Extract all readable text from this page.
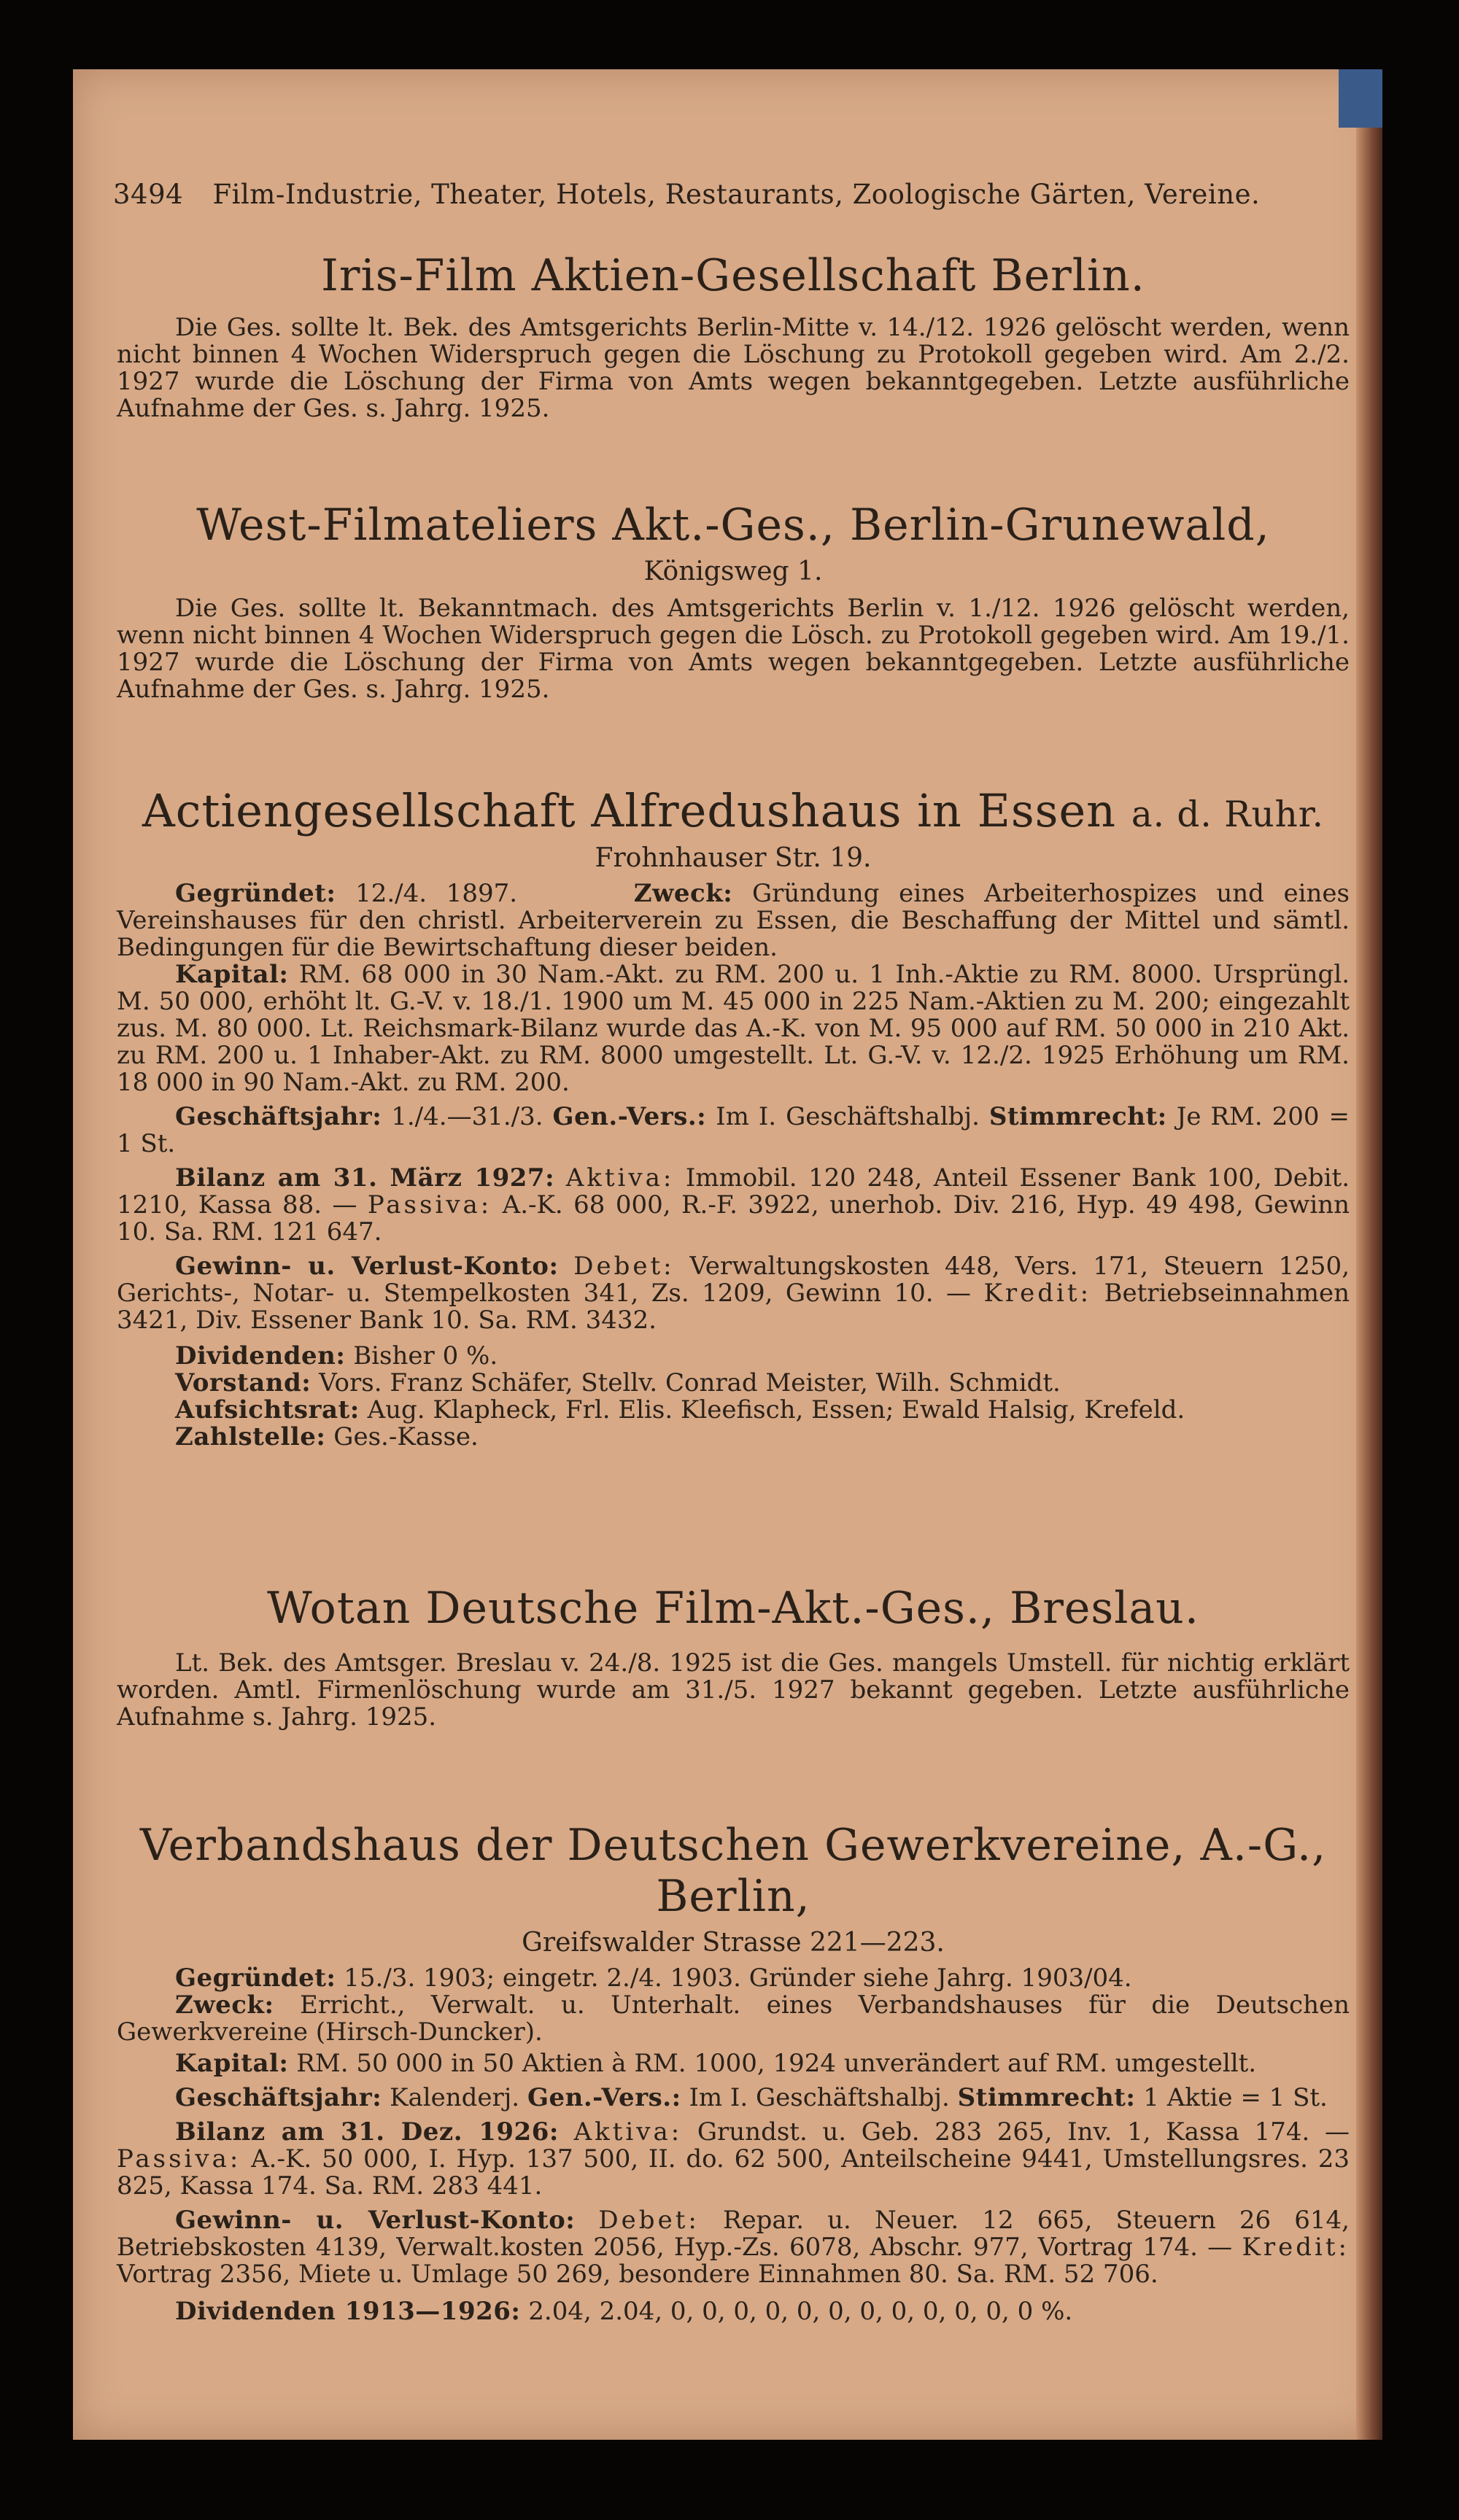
3494 Film-Industrie, Theater, Hotels, Restaurants, Zoologische Gärten, Vereine.
Iris-Film Aktien-Gesellschaft Berlin.

Die Ges. sollte lt. Bek. des Amtsgerichts Berlin-Mitte v. 14./12. 1926 gelöscht werden, wenn nicht binnen 4 Wochen Widerspruch gegen die Löschung zu Protokoll gegeben wird. Am 2./2. 1927 wurde die Löschung der Firma von Amts wegen bekanntgegeben. Letzte ausführliche Aufnahme der Ges. s. Jahrg. 1925.

West-Filmateliers Akt.-Ges., Berlin-Grunewald,
Königsweg 1.

Die Ges. sollte lt. Bekanntmach. des Amtsgerichts Berlin v. 1./12. 1926 gelöscht werden, wenn nicht binnen 4 Wochen Widerspruch gegen die Lösch. zu Protokoll gegeben wird. Am 19./1. 1927 wurde die Löschung der Firma von Amts wegen bekanntgegeben. Letzte ausführliche Aufnahme der Ges. s. Jahrg. 1925.

Actiengesellschaft Alfredushaus in Essen a. d. Ruhr.
Frohnhauser Str. 19.

Gegründet: 12./4. 1897.	Zweck: Gründung eines Arbeiterhospizes und eines Vereinshauses für den christl. Arbeiterverein zu Essen, die Beschaffung der Mittel und sämtl. Bedingungen für die Bewirtschaftung dieser beiden.

Kapital: RM. 68 000 in 30 Nam.-Akt. zu RM. 200 u. 1 Inh.-Aktie zu RM. 8000. Ursprüngl. M. 50 000, erhöht lt. G.-V. v. 18./1. 1900 um M. 45 000 in 225 Nam.-Aktien zu M. 200; eingezahlt zus. M. 80 000. Lt. Reichsmark-Bilanz wurde das A.-K. von M. 95 000 auf RM. 50 000 in 210 Akt. zu RM. 200 u. 1 Inhaber-Akt. zu RM. 8000 umgestellt. Lt. G.-V. v. 12./2. 1925 Erhöhung um RM. 18 000 in 90 Nam.-Akt. zu RM. 200.

Geschäftsjahr: 1./4.—31./3. Gen.-Vers.: Im I. Geschäftshalbj. Stimmrecht: Je RM. 200 = 1 St.

Bilanz am 31. März 1927: Aktiva: Immobil. 120 248, Anteil Essener Bank 100, Debit. 1210, Kassa 88. — Passiva: A.-K. 68 000, R.-F. 3922, unerhob. Div. 216, Hyp. 49 498, Gewinn 10. Sa. RM. 121 647.

Gewinn- u. Verlust-Konto: Debet: Verwaltungskosten 448, Vers. 171, Steuern 1250, Gerichts-, Notar- u. Stempelkosten 341, Zs. 1209, Gewinn 10. — Kredit: Betriebseinnahmen 3421, Div. Essener Bank 10. Sa. RM. 3432.

Dividenden: Bisher 0 %.

Vorstand: Vors. Franz Schäfer, Stellv. Conrad Meister, Wilh. Schmidt.

Aufsichtsrat: Aug. Klapheck, Frl. Elis. Kleefisch, Essen; Ewald Halsig, Krefeld.

Zahlstelle: Ges.-Kasse.

Wotan Deutsche Film-Akt.-Ges., Breslau.

Lt. Bek. des Amtsger. Breslau v. 24./8. 1925 ist die Ges. mangels Umstell. für nichtig erklärt worden. Amtl. Firmenlöschung wurde am 31./5. 1927 bekannt gegeben. Letzte ausführliche Aufnahme s. Jahrg. 1925.

Verbandshaus der Deutschen Gewerkvereine, A.-G., Berlin,
Greifswalder Strasse 221—223.

Gegründet: 15./3. 1903; eingetr. 2./4. 1903. Gründer siehe Jahrg. 1903/04.

Zweck: Erricht., Verwalt. u. Unterhalt. eines Verbandshauses für die Deutschen Gewerkvereine (Hirsch-Duncker).

Kapital: RM. 50 000 in 50 Aktien à RM. 1000, 1924 unverändert auf RM. umgestellt.

Geschäftsjahr: Kalenderj. Gen.-Vers.: Im I. Geschäftshalbj. Stimmrecht: 1 Aktie = 1 St.

Bilanz am 31. Dez. 1926: Aktiva: Grundst. u. Geb. 283 265, Inv. 1, Kassa 174. — Passiva: A.-K. 50 000, I. Hyp. 137 500, II. do. 62 500, Anteilscheine 9441, Umstellungsres. 23 825, Kassa 174. Sa. RM. 283 441.

Gewinn- u. Verlust-Konto: Debet: Repar. u. Neuer. 12 665, Steuern 26 614, Betriebskosten 4139, Verwalt.kosten 2056, Hyp.-Zs. 6078, Abschr. 977, Vortrag 174. — Kredit: Vortrag 2356, Miete u. Umlage 50 269, besondere Einnahmen 80. Sa. RM. 52 706.

Dividenden 1913—1926: 2.04, 2.04, 0, 0, 0, 0, 0, 0, 0, 0, 0, 0, 0, 0 %.
